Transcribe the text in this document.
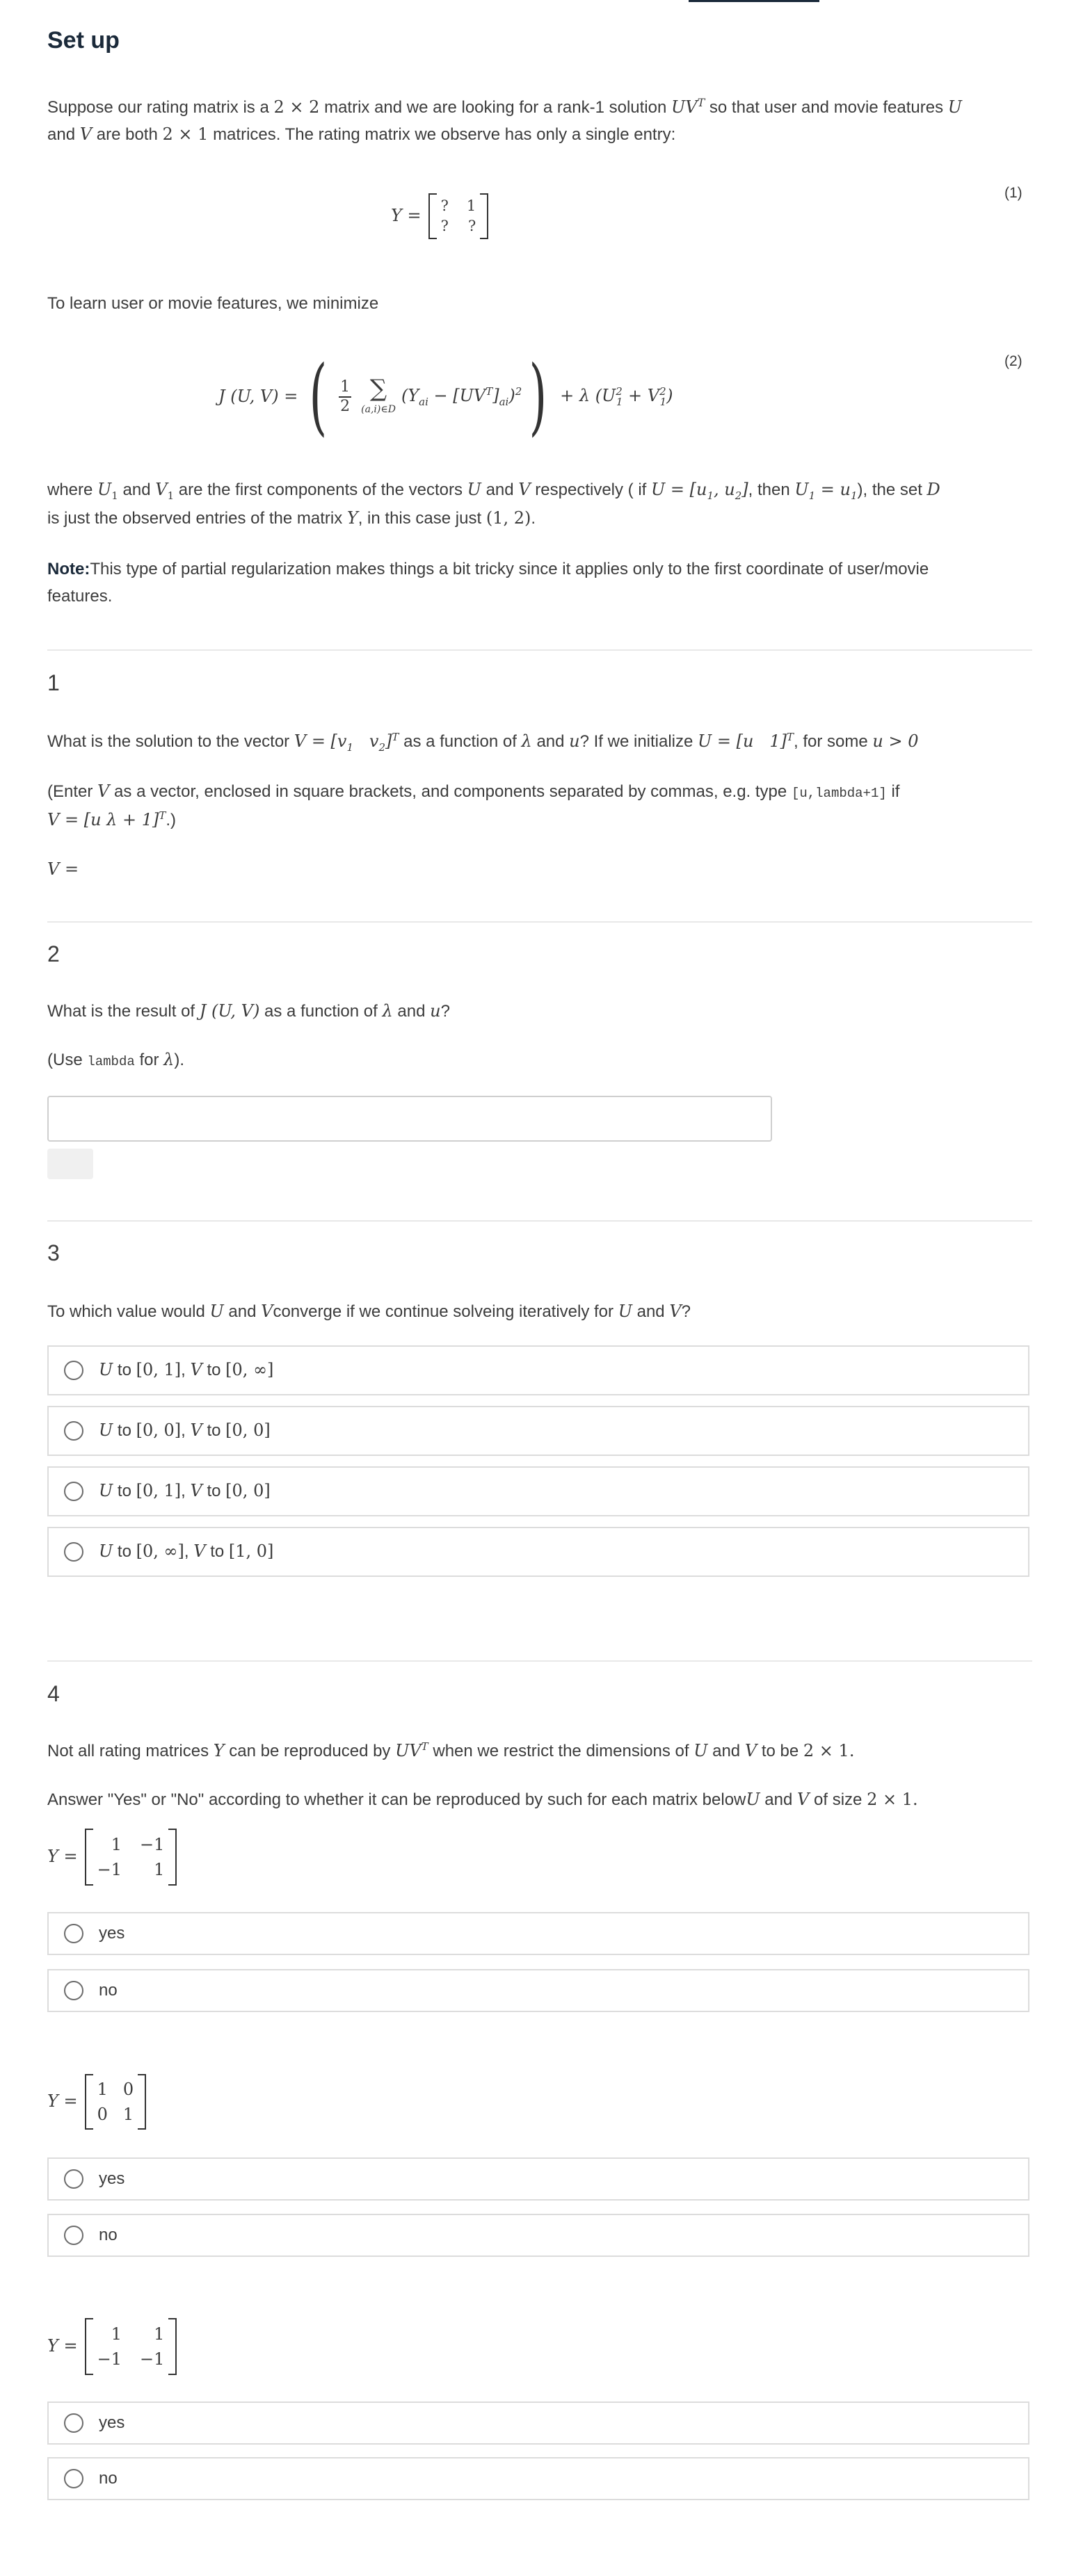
Set up
Suppose our rating matrix is a 2 × 2 matrix and we are looking for a rank-1 solution $UV^T$ so that user and movie features U
and V are both 2 × 1 matrices. The rating matrix we observe has only a single entry:
Y =
? 1
? ?
(1)
To learn user or movie features, we minimize
J (U, V) = ( 1
2
∑
(a,i)∈D
$(Y_{ai} - [UV^T]_{ai})^2$ ) + λ $(U^2_1 + V^2_1)$
(2)
where $U_1$ and $V_1$ are the first components of the vectors U and V respectively ( if $U = [u_1$, $u_2$], then $U_1 = u_1$), the set D
is just the observed entries of the matrix Y, in this case just (1, 2).
Note:This type of partial regularization makes things a bit tricky since it applies only to the first coordinate of user/movie
features.
1
What is the solution to the vector $V = [v_1$ $v_2]^T$ as a function of λ and u? If we initialize U = [u 1]$^T$, for some u > 0
(Enter V as a vector, enclosed in square brackets, and components separated by commas, e.g. type [u,lambda+1] if
V = [u λ + 1]$^T$.)
V =
2
What is the result of J (U, V) as a function of λ and u?
(Use lambda for λ).
3
To which value would U and Vconverge if we continue solveing iteratively for U and V?
U to [0, 1], V to [0, ∞]
U to [0, 0], V to [0, 0]
U to [0, 1], V to [0, 0]
U to [0, ∞], V to [1, 0]
4
Not all rating matrices Y can be reproduced by $UV^T$ when we restrict the dimensions of U and V to be 2 × 1.
Answer "Yes" or "No" according to whether it can be reproduced by such for each matrix belowU and V of size 2 × 1.
Y =
1 −1
−1	1
yes
no
Y =
1 0
0 1
yes
no
Y =
1	1
−1 −1
yes
no
